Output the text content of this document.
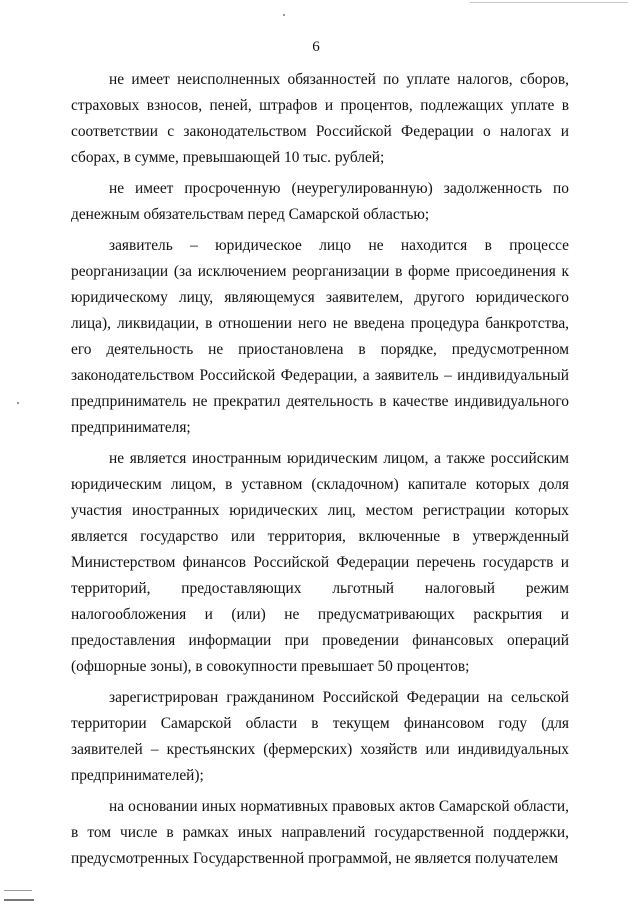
6

не имеет неисполненных обязанностей по уплате налогов, сборов, страховых взносов, пеней, штрафов и процентов, подлежащих уплате в соответствии с законодательством Российской Федерации о налогах и сборах, в сумме, превышающей 10 тыс. рублей;

не имеет просроченную (неурегулированную) задолженность по денежным обязательствам перед Самарской областью;

заявитель – юридическое лицо не находится в процессе реорганизации (за исключением реорганизации в форме присоединения к юридическому лицу, являющемуся заявителем, другого юридического лица), ликвидации, в отношении него не введена процедура банкротства, его деятельность не приостановлена в порядке, предусмотренном законодательством Российской Федерации, а заявитель – индивидуальный предприниматель не прекратил деятельность в качестве индивидуального предпринимателя;

не является иностранным юридическим лицом, а также российским юридическим лицом, в уставном (складочном) капитале которых доля участия иностранных юридических лиц, местом регистрации которых является государство или территория, включенные в утвержденный Министерством финансов Российской Федерации перечень государств и территорий, предоставляющих льготный налоговый режим налогообложения и (или) не предусматривающих раскрытия и предоставления информации при проведении финансовых операций (офшорные зоны), в совокупности превышает 50 процентов;

зарегистрирован гражданином Российской Федерации на сельской территории Самарской области в текущем финансовом году (для заявителей – крестьянских (фермерских) хозяйств или индивидуальных предпринимателей);

на основании иных нормативных правовых актов Самарской области, в том числе в рамках иных направлений государственной поддержки, предусмотренных Государственной программой, не является получателем
